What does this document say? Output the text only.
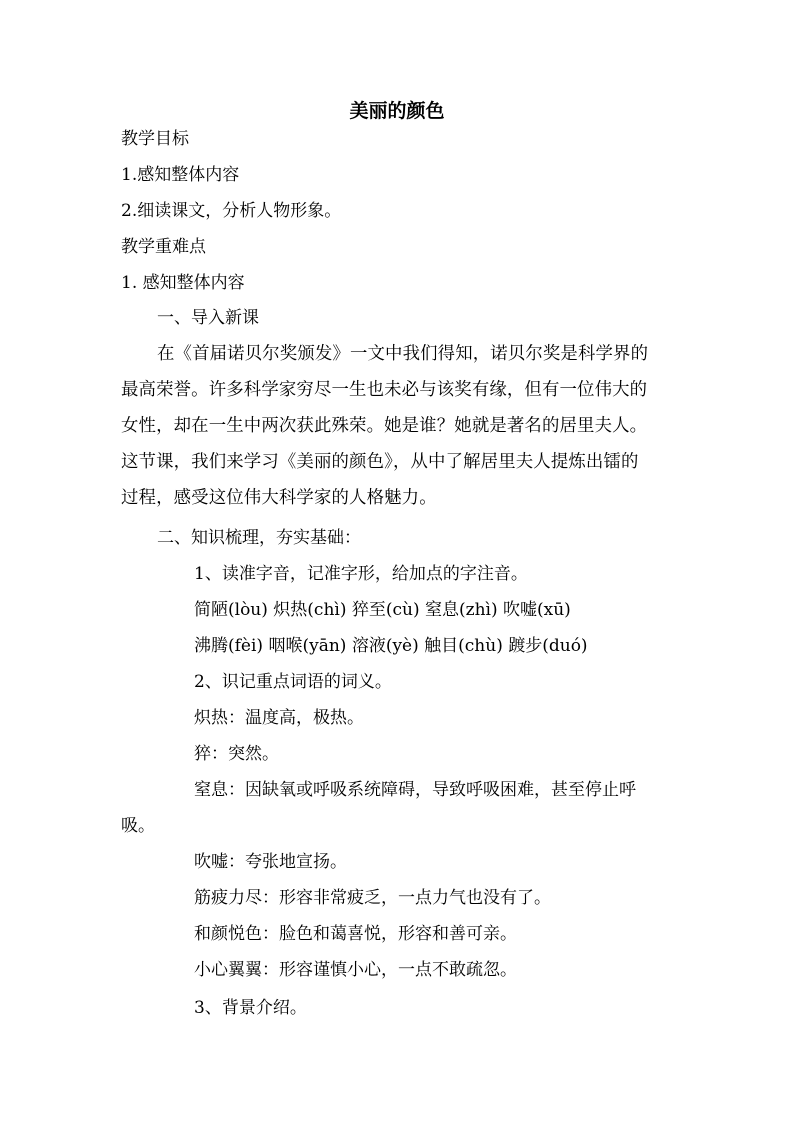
美丽的颜色
教学目标
1.感知整体内容
2.细读课文，分析人物形象。
教学重难点
1. 感知整体内容
一、导入新课
在《首届诺贝尔奖颁发》一文中我们得知，诺贝尔奖是科学界的
最高荣誉。许多科学家穷尽一生也未必与该奖有缘，但有一位伟大的
女性，却在一生中两次获此殊荣。她是谁？她就是著名的居里夫人。
这节课，我们来学习《美丽的颜色》，从中了解居里夫人提炼出镭的
过程，感受这位伟大科学家的人格魅力。
二、知识梳理，夯实基础：
1、读准字音，记准字形，给加点的字注音。
简陋(lòu) 炽热(chì) 猝至(cù) 窒息(zhì) 吹嘘(xū)
沸腾(fèi) 咽喉(yān) 溶液(yè) 触目(chù) 踱步(duó)
2、识记重点词语的词义。
炽热：温度高，极热。
猝：突然。
窒息：因缺氧或呼吸系统障碍，导致呼吸困难，甚至停止呼
吸。
吹嘘：夸张地宣扬。
筋疲力尽：形容非常疲乏，一点力气也没有了。
和颜悦色：脸色和蔼喜悦，形容和善可亲。
小心翼翼：形容谨慎小心，一点不敢疏忽。
3、背景介绍。
